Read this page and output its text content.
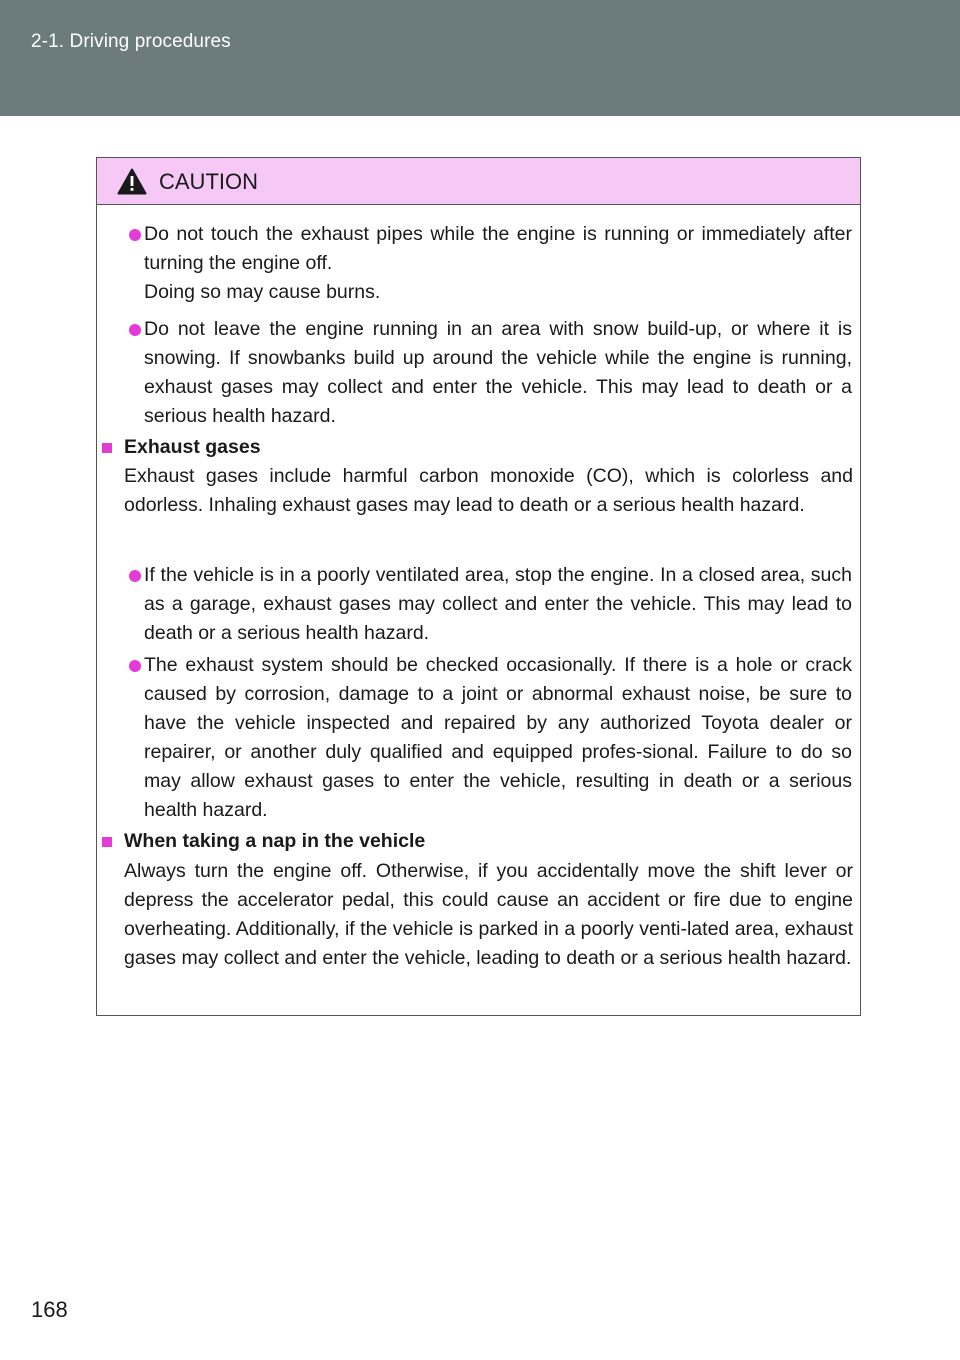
2-1. Driving procedures
CAUTION
Do not touch the exhaust pipes while the engine is running or immediately after turning the engine off.
Doing so may cause burns.
Do not leave the engine running in an area with snow build-up, or where it is snowing. If snowbanks build up around the vehicle while the engine is running, exhaust gases may collect and enter the vehicle. This may lead to death or a serious health hazard.
Exhaust gases
Exhaust gases include harmful carbon monoxide (CO), which is colorless and odorless. Inhaling exhaust gases may lead to death or a serious health hazard.
If the vehicle is in a poorly ventilated area, stop the engine. In a closed area, such as a garage, exhaust gases may collect and enter the vehicle. This may lead to death or a serious health hazard.
The exhaust system should be checked occasionally. If there is a hole or crack caused by corrosion, damage to a joint or abnormal exhaust noise, be sure to have the vehicle inspected and repaired by any authorized Toyota dealer or repairer, or another duly qualified and equipped profes-sional. Failure to do so may allow exhaust gases to enter the vehicle, resulting in death or a serious health hazard.
When taking a nap in the vehicle
Always turn the engine off. Otherwise, if you accidentally move the shift lever or depress the accelerator pedal, this could cause an accident or fire due to engine overheating. Additionally, if the vehicle is parked in a poorly venti-lated area, exhaust gases may collect and enter the vehicle, leading to death or a serious health hazard.
168
